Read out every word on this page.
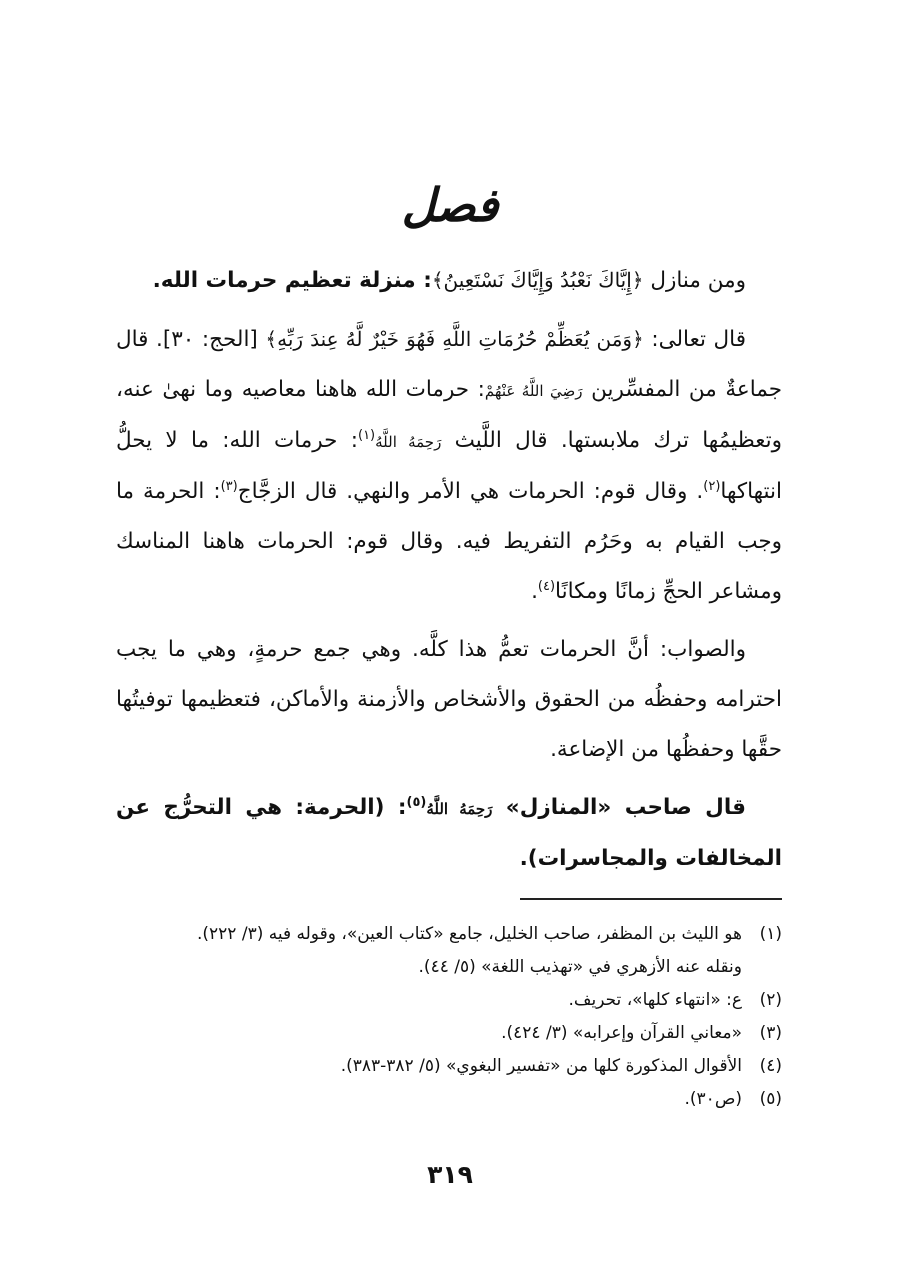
فصل

ومن منازل ﴿إِيَّاكَ نَعْبُدُ وَإِيَّاكَ نَسْتَعِينُ﴾: منزلة تعظيم حرمات الله.

قال تعالى: ﴿وَمَن يُعَظِّمْ حُرُمَاتِ اللَّهِ فَهُوَ خَيْرٌ لَّهُ عِندَ رَبِّهِ﴾ [الحج: ٣٠]. قال جماعةٌ من المفسِّرين رَضِيَ اللَّهُ عَنْهُمْ: حرمات الله هاهنا معاصيه وما نهىٰ عنه، وتعظيمُها ترك ملابستها. قال اللَّيث رَحِمَهُ اللَّهُ$^{(١)}$: حرمات الله: ما لا يحلُّ انتهاكها$^{(٢)}$. وقال قوم: الحرمات هي الأمر والنهي. قال الزجَّاج$^{(٣)}$: الحرمة ما وجب القيام به وحَرُم التفريط فيه. وقال قوم: الحرمات هاهنا المناسك ومشاعر الحجِّ زمانًا ومكانًا$^{(٤)}$.

والصواب: أنَّ الحرمات تعمُّ هذا كلَّه. وهي جمع حرمةٍ، وهي ما يجب احترامه وحفظُه من الحقوق والأشخاص والأزمنة والأماكن، فتعظيمها توفيتُها حقَّها وحفظُها من الإضاعة.

قال صاحب «المنازل» رَحِمَهُ اللَّهُ$^{(٥)}$: (الحرمة: هي التحرُّج عن المخالفات والمجاسرات).

(١)
هو الليث بن المظفر، صاحب الخليل، جامع «كتاب العين»، وقوله فيه (٣/ ٢٢٢).

ونقله عنه الأزهري في «تهذيب اللغة» (٥/ ٤٤).

(٢)
ع: «انتهاء كلها»، تحريف.

(٣)
«معاني القرآن وإعرابه» (٣/ ٤٢٤).

(٤)
الأقوال المذكورة كلها من «تفسير البغوي» (٥/ ٣٨٢-٣٨٣).

(٥)
(ص٣٠).

٣١٩
